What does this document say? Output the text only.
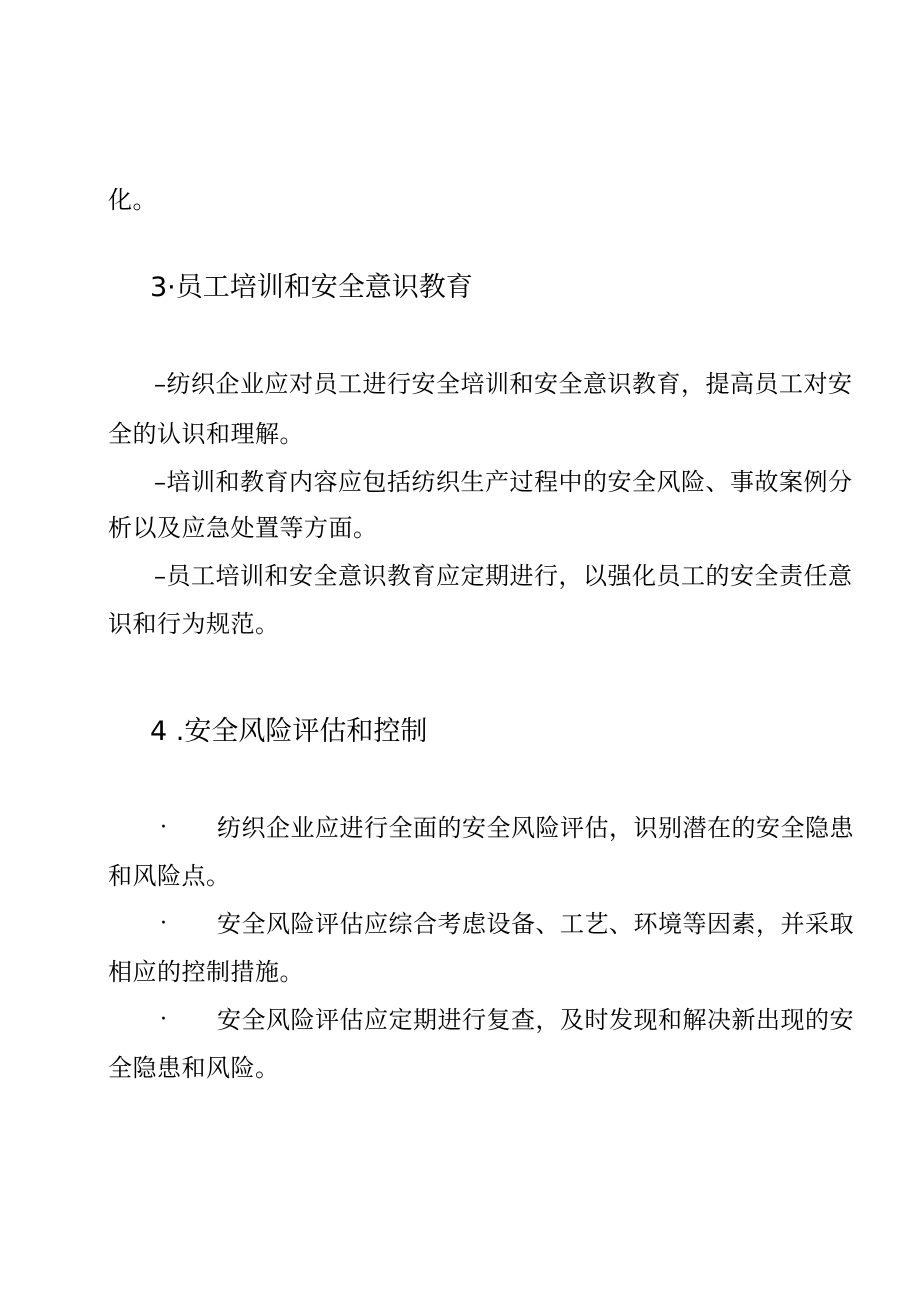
化。
3·员工培训和安全意识教育
– 纺织企业应对员工进行安全培训和安全意识教育，提高员工对安
全的认识和理解。
– 培训和教育内容应包括纺织生产过程中的安全风险、事故案例分
析以及应急处置等方面。
– 员工培训和安全意识教育应定期进行，以强化员工的安全责任意
识和行为规范。
4 .安全风险评估和控制
· 纺织企业应进行全面的安全风险评估，识别潜在的安全隐患
和风险点。
· 安全风险评估应综合考虑设备、工艺、环境等因素，并采取
相应的控制措施。
· 安全风险评估应定期进行复查，及时发现和解决新出现的安
全隐患和风险。
